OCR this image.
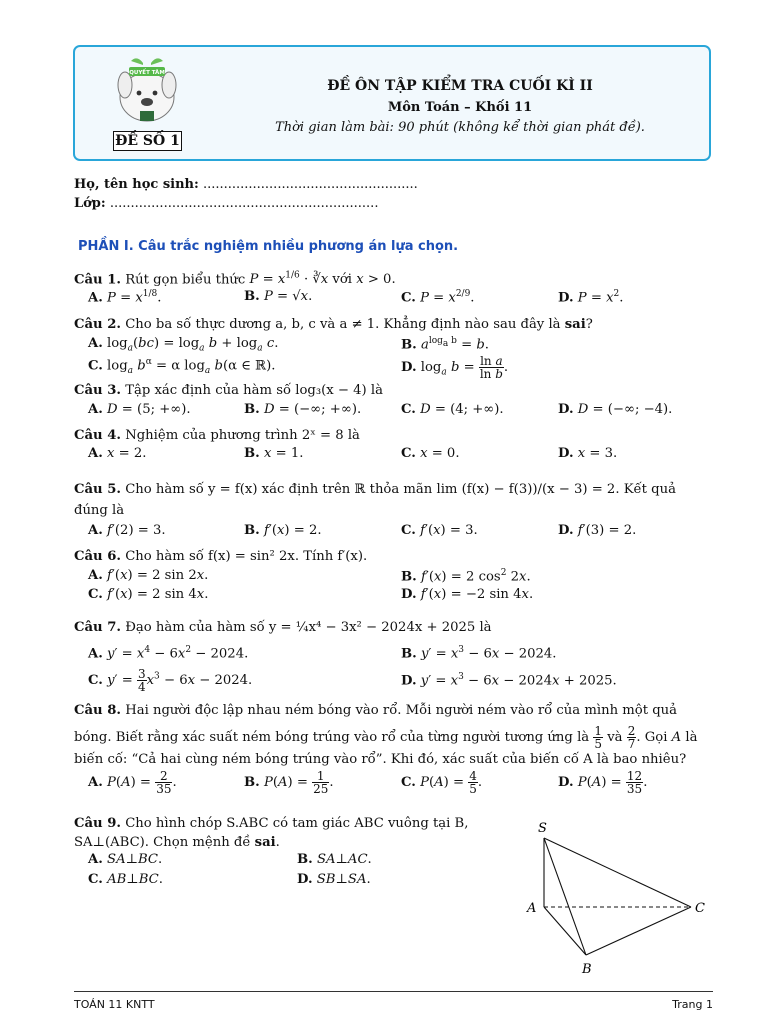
QUYẾT TÂM
ĐỀ SỐ 1
ĐỀ ÔN TẬP KIỂM TRA CUỐI KÌ II
Môn Toán – Khối 11
Thời gian làm bài: 90 phút (không kể thời gian phát đề).
Họ, tên học sinh: ....................................................
Lớp: .................................................................
PHẦN I. Câu trắc nghiệm nhiều phương án lựa chọn.
Câu 1. Rút gọn biểu thức $P = x^{1/6}$ · ∛x với x > 0.
A. $P = x^{1/8}$.	B. P = √x.	C. $P = x^{2/9}$.	D. $P = x^2$.
Câu 2. Cho ba số thực dương a, b, c và a ≠ 1. Khẳng định nào sau đây là sai?
A. $\log_a(bc) = \log_a b + \log_a c$.	B. $a^{log_a b} = b$.
C. $\log_a b^\alpha = \alpha$ $\log_a b(\alpha$ ∈ ℝ).	D. $\log_a b = \frac{\text{ln a}}{\text{ln b}}$ .
Câu 3. Tập xác định của hàm số log₃(x − 4) là
A. D = (5; +∞).	B. D = (−∞; +∞).	C. D = (4; +∞).	D. D = (−∞; −4).
Câu 4. Nghiệm của phương trình 2ˣ = 8 là
A. x = 2.	B. x = 1.	C. x = 0.	D. x = 3.
Câu 5. Cho hàm số y = f(x) xác định trên ℝ thỏa mãn lim (f(x) − f(3))/(x − 3) = 2. Kết quả đúng là
A. f′(2) = 3.	B. f′(x) = 2.	C. f′(x) = 3.	D. f′(3) = 2.
Câu 6. Cho hàm số f(x) = sin² 2x. Tính f′(x).
A. f′(x) = 2 sin 2x.	B. f′(x) = 2 $\cos^2 2x$.
C. f′(x) = 2 sin 4x.	D. f′(x) = −2 sin 4x.
Câu 7. Đạo hàm của hàm số y = ¼x⁴ − 3x² − 2024x + 2025 là
A. $y' = x^4 - 6x^2 - 2024$.	B. $y' = x^3 - 6x - 2024$.
C. $y' = \frac{3}{4} x^3 - 6x - 2024$.	D. $y' = x^3 - 6x - 2024x + 2025$.
Câu 8. Hai người độc lập nhau ném bóng vào rổ. Mỗi người ném vào rổ của mình một quả
bóng. Biết rằng xác suất ném bóng trúng vào rổ của từng người tương ứng là $\frac{1}{5}$ và $\frac{2}{7}$ . Gọi A là
biến cố: “Cả hai cùng ném bóng trúng vào rổ”. Khi đó, xác suất của biến cố A là bao nhiêu?
A. $P(A) = \frac{2}{35}$ .	B. $P(A) = \frac{1}{25}$ .	C. $P(A) = \frac{4}{5}$ .	D. $P(A) = \frac{12}{35}$ .
Câu 9. Cho hình chóp S.ABC có tam giác ABC vuông tại B,
SA⊥(ABC). Chọn mệnh đề sai.
A. SA⊥BC.	B. SA⊥AC.
C. AB⊥BC.	D. SB⊥SA.
S
A
B
C
TOÁN 11 KNTT	Trang 1
